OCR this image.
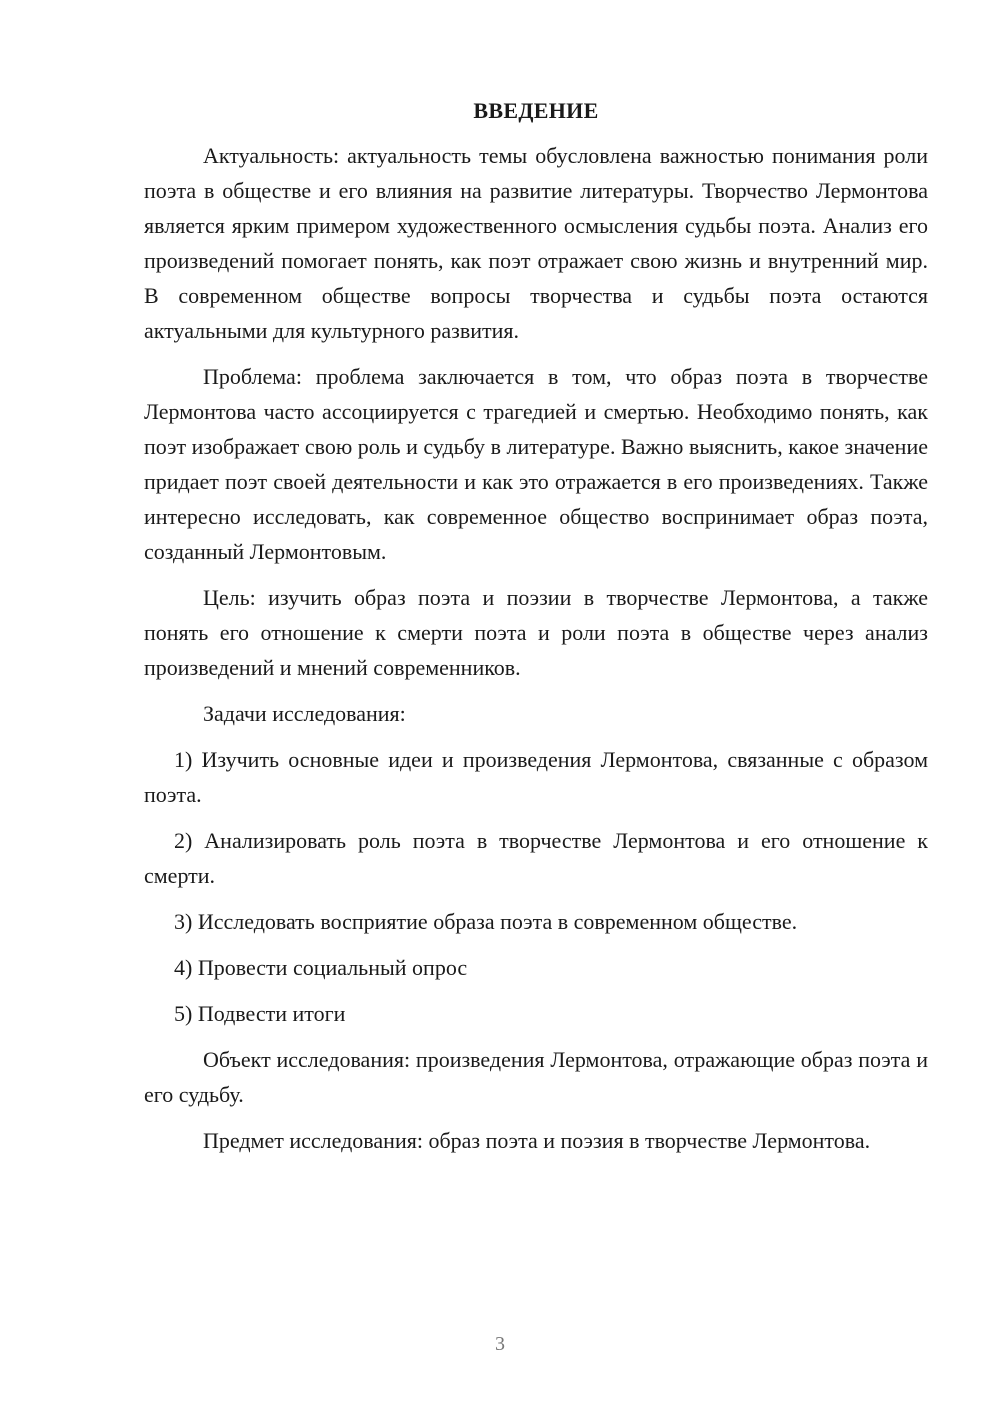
ВВЕДЕНИЕ

Актуальность: актуальность темы обусловлена важностью понимания роли поэта в обществе и его влияния на развитие литературы. Творчество Лермонтова является ярким примером художественного осмысления судьбы поэта. Анализ его произведений помогает понять, как поэт отражает свою жизнь и внутренний мир. В современном обществе вопросы творчества и судьбы поэта остаются актуальными для культурного развития.

Проблема: проблема заключается в том, что образ поэта в творчестве Лермонтова часто ассоциируется с трагедией и смертью. Необходимо понять, как поэт изображает свою роль и судьбу в литературе. Важно выяснить, какое значение придает поэт своей деятельности и как это отражается в его произведениях. Также интересно исследовать, как современное общество воспринимает образ поэта, созданный Лермонтовым.

Цель: изучить образ поэта и поэзии в творчестве Лермонтова, а также понять его отношение к смерти поэта и роли поэта в обществе через анализ произведений и мнений современников.

Задачи исследования:

1) Изучить основные идеи и произведения Лермонтова, связанные с образом поэта.

2) Анализировать роль поэта в творчестве Лермонтова и его отношение к смерти.

3) Исследовать восприятие образа поэта в современном обществе.

4) Провести социальный опрос

5) Подвести итоги

Объект исследования: произведения Лермонтова, отражающие образ поэта и его судьбу.

Предмет исследования: образ поэта и поэзия в творчестве Лермонтова.

3
